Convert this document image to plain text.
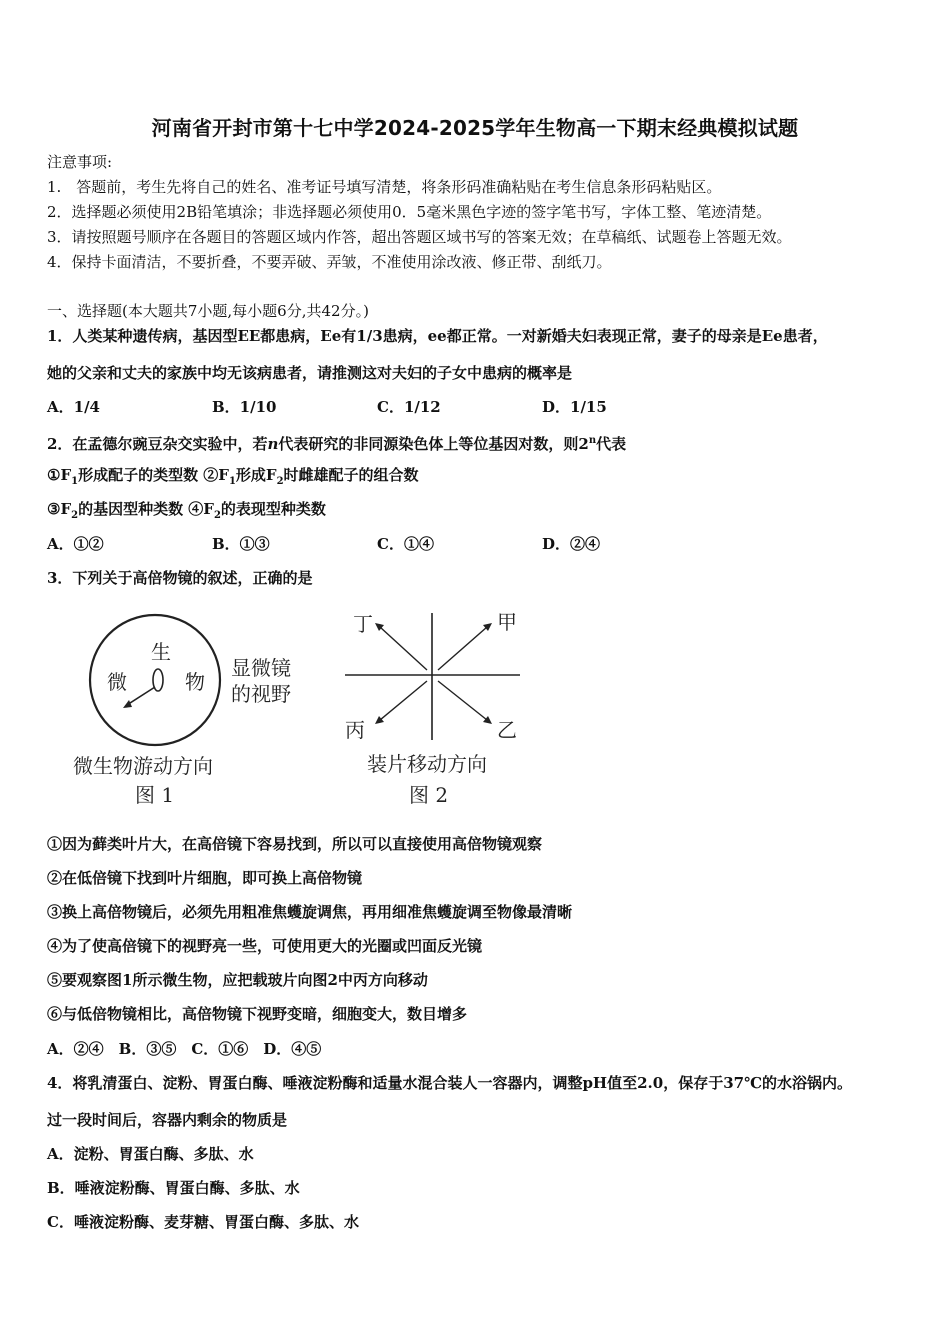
河南省开封市第十七中学2024-2025学年生物高一下期末经典模拟试题
注意事项:
1.　答题前，考生先将自己的姓名、准考证号填写清楚，将条形码准确粘贴在考生信息条形码粘贴区。
2．选择题必须使用2B铅笔填涂；非选择题必须使用0．5毫米黑色字迹的签字笔书写，字体工整、笔迹清楚。
3．请按照题号顺序在各题目的答题区域内作答，超出答题区域书写的答案无效；在草稿纸、试题卷上答题无效。
4．保持卡面清洁，不要折叠，不要弄破、弄皱，不准使用涂改液、修正带、刮纸刀。
一、选择题(本大题共7小题,每小题6分,共42分。)
1．人类某种遗传病，基因型EE都患病，Ee有1/3患病，ee都正常。一对新婚夫妇表现正常，妻子的母亲是Ee患者，
她的父亲和丈夫的家族中均无该病患者，请推测这对夫妇的子女中患病的概率是
A．1/4	B．1/10	C．1/12	D．1/15
2．在孟德尔豌豆杂交实验中，若n代表研究的非同源染色体上等位基因对数，则2$^n$代表
$①F_1$形成配子的类型数 $②F_1$形成$F_2$时雌雄配子的组合数
$③F_2$的基因型种类数 $④F_2$的表现型种类数
A．①②	B．①③	C．①④	D．②④
3．下列关于高倍物镜的叙述，正确的是
生
微	物
显微镜
的视野
微生物游动方向
图 1
丁	甲
丙	乙
装片移动方向
图 2
①因为藓类叶片大，在高倍镜下容易找到，所以可以直接使用高倍物镜观察
②在低倍镜下找到叶片细胞，即可换上高倍物镜
③换上高倍物镜后，必须先用粗准焦蠖旋调焦，再用细准焦蠖旋调至物像最清晰
④为了使高倍镜下的视野亮一些，可使用更大的光圈或凹面反光镜
⑤要观察图1所示微生物，应把载玻片向图2中丙方向移动
⑥与低倍物镜相比，高倍物镜下视野变暗，细胞变大，数目增多
A．②④　B．③⑤　C．①⑥　D．④⑤
4．将乳清蛋白、淀粉、胃蛋白酶、唾液淀粉酶和适量水混合装人一容器内，调整pH值至2.0，保存于37℃的水浴锅内。
过一段时间后，容器内剩余的物质是
A．淀粉、胃蛋白酶、多肽、水
B．唾液淀粉酶、胃蛋白酶、多肽、水
C．唾液淀粉酶、麦芽糖、胃蛋白酶、多肽、水
